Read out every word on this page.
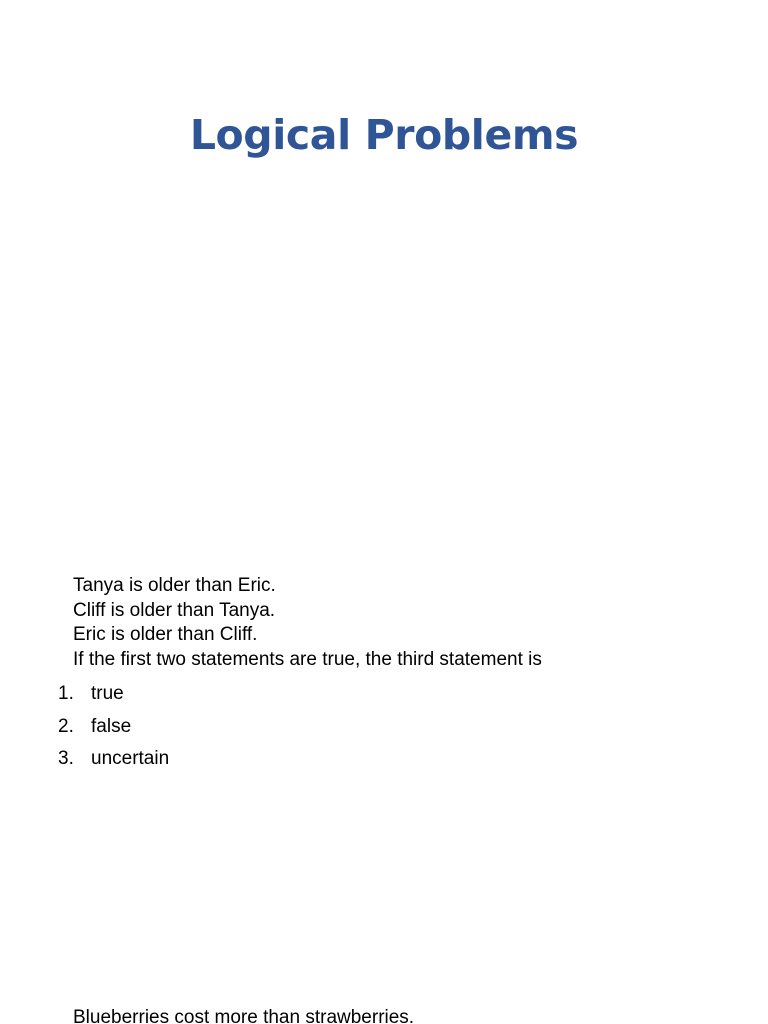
Logical Problems
Tanya is older than Eric.
Cliff is older than Tanya.
Eric is older than Cliff.
If the first two statements are true, the third statement is
1. true
2. false
3. uncertain
Blueberries cost more than strawberries.
